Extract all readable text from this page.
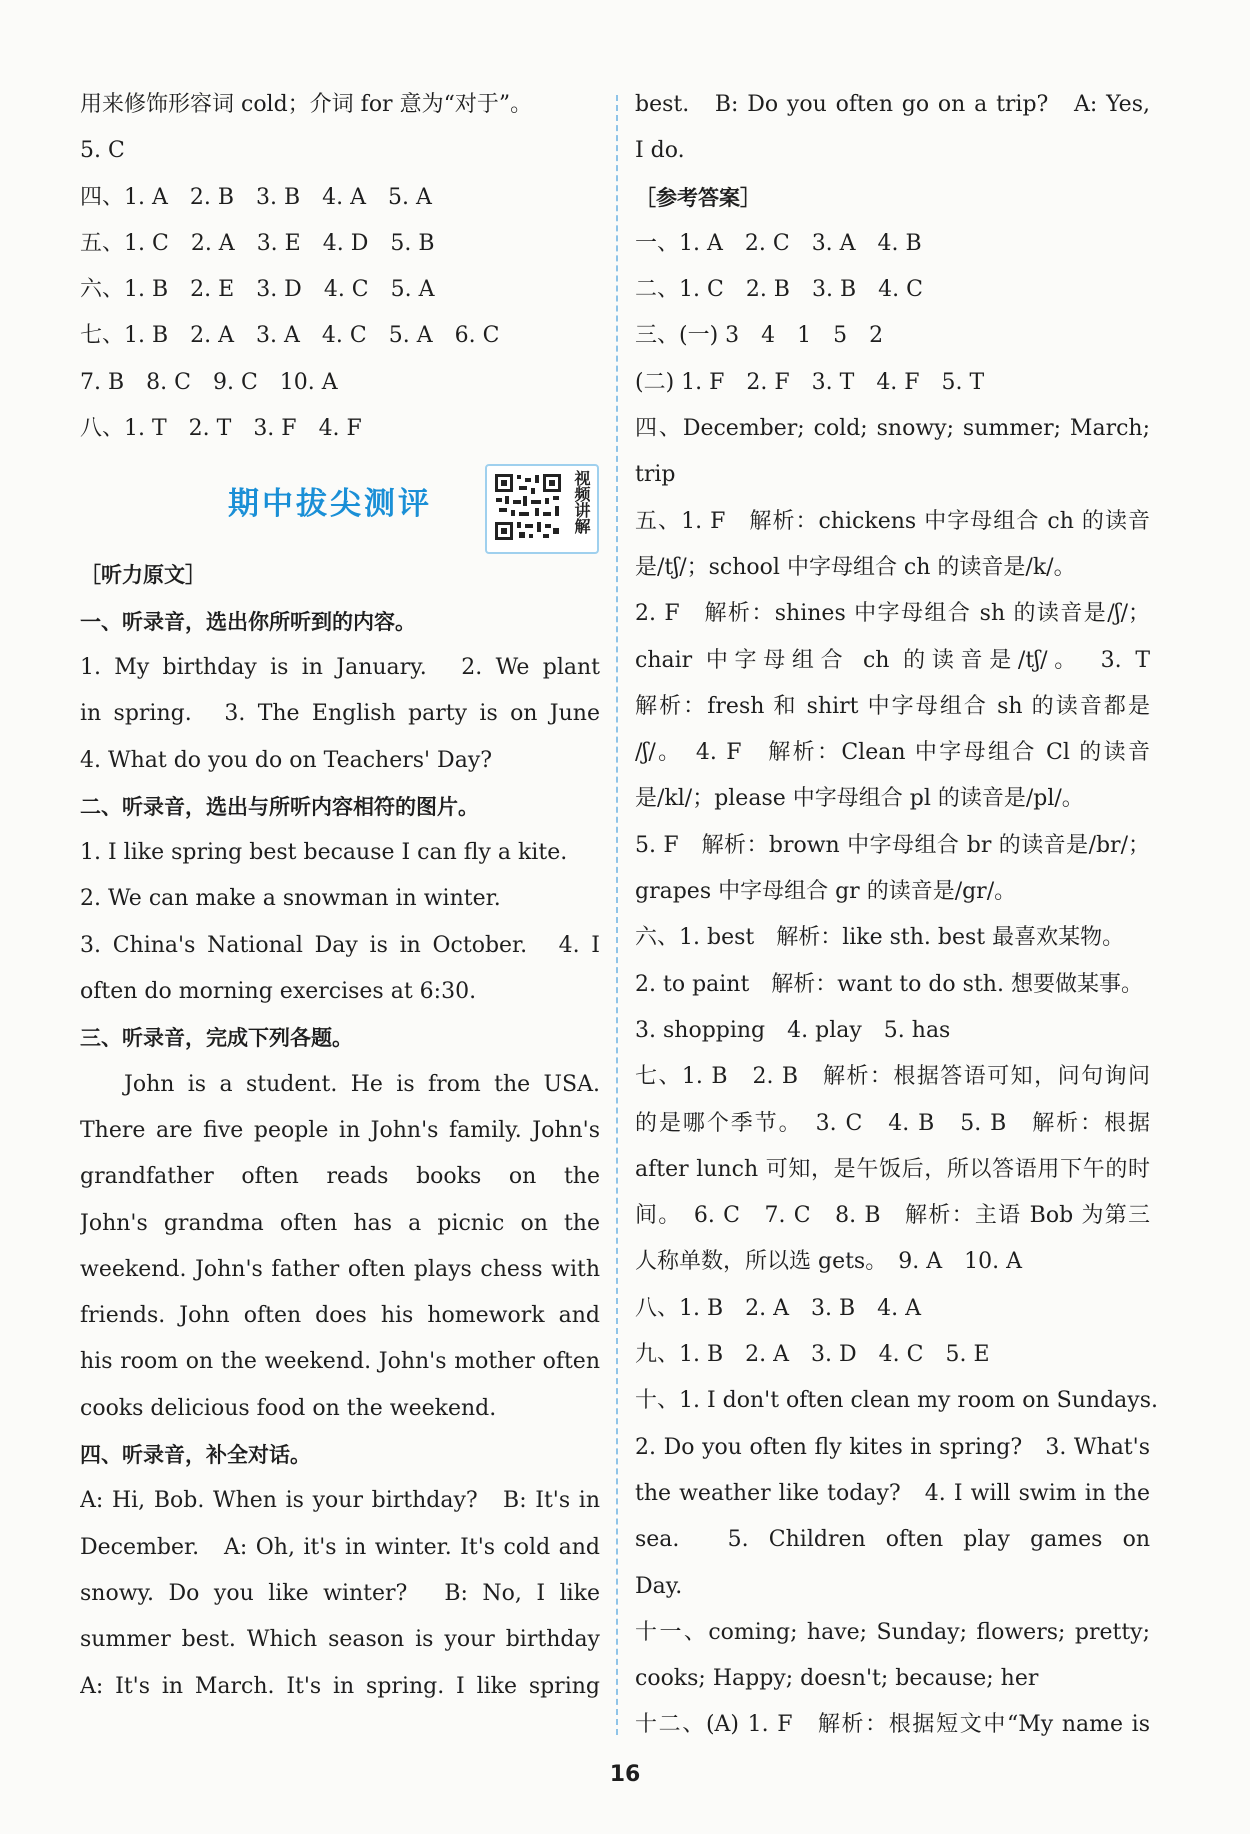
用来修饰形容词 cold；介词 for 意为“对于”。
5. C
四、1. A　2. B　3. B　4. A　5. A
五、1. C　2. A　3. E　4. D　5. B
六、1. B　2. E　3. D　4. C　5. A
七、1. B　2. A　3. A　4. C　5. A　6. C
7. B　8. C　9. C　10. A
八、1. T　2. T　3. F　4. F
期中拔尖测评	视频讲解
［听力原文］
一、听录音，选出你所听到的内容。
1. My birthday is in January.　2. We plant
in spring.　3. The English party is on June
4. What do you do on Teachers' Day?
二、听录音，选出与所听内容相符的图片。
1. I like spring best because I can fly a kite.
2. We can make a snowman in winter.
3. China's National Day is in October.　4. I
often do morning exercises at 6:30.
三、听录音，完成下列各题。
John is a student. He is from the USA.
There are five people in John's family. John's
grandfather often reads books on the
John's grandma often has a picnic on the
weekend. John's father often plays chess with
friends. John often does his homework and
his room on the weekend. John's mother often
cooks delicious food on the weekend.
四、听录音，补全对话。
A: Hi, Bob. When is your birthday?　B: It's in
December.　A: Oh, it's in winter. It's cold and
snowy. Do you like winter?　B: No, I like
summer best. Which season is your birthday
A: It's in March. It's in spring. I like spring
best.　B: Do you often go on a trip?　A: Yes,
I do.
［参考答案］
一、1. A　2. C　3. A　4. B
二、1. C　2. B　3. B　4. C
三、(一) 3　4　1　5　2
(二) 1. F　2. F　3. T　4. F　5. T
四、December; cold; snowy; summer; March;
trip
五、1. F　解析：chickens 中字母组合 ch 的读音
是/tʃ/；school 中字母组合 ch 的读音是/k/。
2. F　解析：shines 中字母组合 sh 的读音是/ʃ/；
chair 中字母组合 ch 的读音是/tʃ/。　3. T
解析：fresh 和 shirt 中字母组合 sh 的读音都是
/ʃ/。　4. F　解析：Clean 中字母组合 Cl 的读音
是/kl/；please 中字母组合 pl 的读音是/pl/。
5. F　解析：brown 中字母组合 br 的读音是/br/；
grapes 中字母组合 gr 的读音是/gr/。
六、1. best　解析：like sth. best 最喜欢某物。
2. to paint　解析：want to do sth. 想要做某事。
3. shopping　4. play　5. has
七、1. B　2. B　解析：根据答语可知，问句询问
的是哪个季节。　3. C　4. B　5. B　解析：根据
after lunch 可知，是午饭后，所以答语用下午的时
间。　6. C　7. C　8. B　解析：主语 Bob 为第三
人称单数，所以选 gets。　9. A　10. A
八、1. B　2. A　3. B　4. A
九、1. B　2. A　3. D　4. C　5. E
十、1. I don't often clean my room on Sundays.
2. Do you often fly kites in spring?　3. What's
the weather like today?　4. I will swim in the
sea.　5. Children often play games on
Day.
十一、coming; have; Sunday; flowers; pretty;
cooks; Happy; doesn't; because; her
十二、(A) 1. F　解析：根据短文中“My name is
16
